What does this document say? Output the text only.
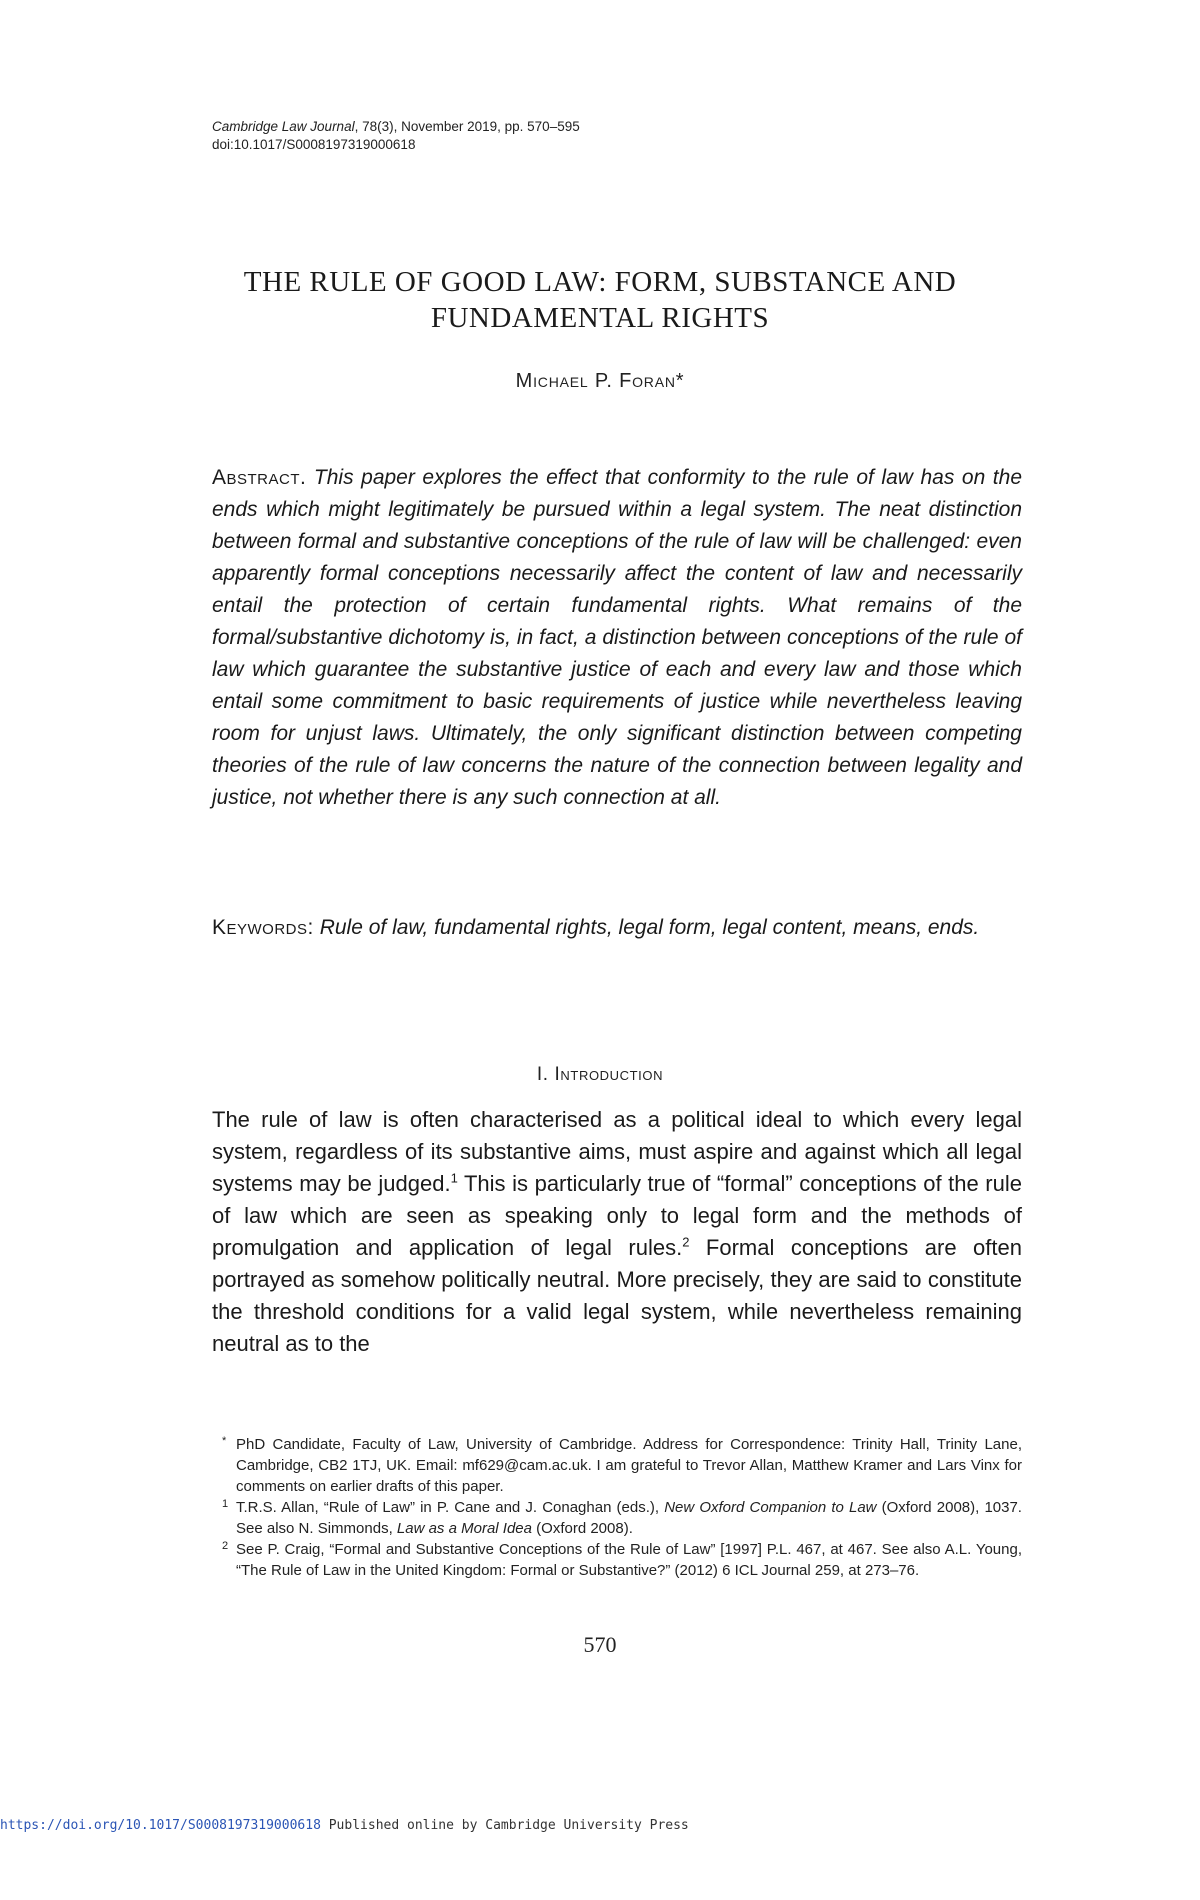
Cambridge Law Journal, 78(3), November 2019, pp. 570–595
doi:10.1017/S0008197319000618
THE RULE OF GOOD LAW: FORM, SUBSTANCE AND
FUNDAMENTAL RIGHTS
Michael P. Foran*
Abstract. This paper explores the effect that conformity to the rule of law has on the ends which might legitimately be pursued within a legal system. The neat distinction between formal and substantive conceptions of the rule of law will be challenged: even apparently formal conceptions necessarily affect the content of law and necessarily entail the protection of certain fundamental rights. What remains of the formal/substantive dichotomy is, in fact, a distinction between conceptions of the rule of law which guarantee the substantive justice of each and every law and those which entail some commitment to basic requirements of justice while nevertheless leaving room for unjust laws. Ultimately, the only significant distinction between competing theories of the rule of law concerns the nature of the connection between legality and justice, not whether there is any such connection at all.
Keywords: Rule of law, fundamental rights, legal form, legal content, means, ends.
I. Introduction
The rule of law is often characterised as a political ideal to which every legal system, regardless of its substantive aims, must aspire and against which all legal systems may be judged.$^1$ This is particularly true of “formal” conceptions of the rule of law which are seen as speaking only to legal form and the methods of promulgation and application of legal rules.$^2$ Formal conceptions are often portrayed as somehow politically neutral. More precisely, they are said to constitute the threshold conditions for a valid legal system, while nevertheless remaining neutral as to the
* PhD Candidate, Faculty of Law, University of Cambridge. Address for Correspondence: Trinity Hall, Trinity Lane, Cambridge, CB2 1TJ, UK. Email: mf629@cam.ac.uk. I am grateful to Trevor Allan, Matthew Kramer and Lars Vinx for comments on earlier drafts of this paper.
1 T.R.S. Allan, “Rule of Law” in P. Cane and J. Conaghan (eds.), New Oxford Companion to Law (Oxford 2008), 1037. See also N. Simmonds, Law as a Moral Idea (Oxford 2008).
2 See P. Craig, “Formal and Substantive Conceptions of the Rule of Law” [1997] P.L. 467, at 467. See also A.L. Young, “The Rule of Law in the United Kingdom: Formal or Substantive?” (2012) 6 ICL Journal 259, at 273–76.
570
https://doi.org/10.1017/S0008197319000618 Published online by Cambridge University Press
